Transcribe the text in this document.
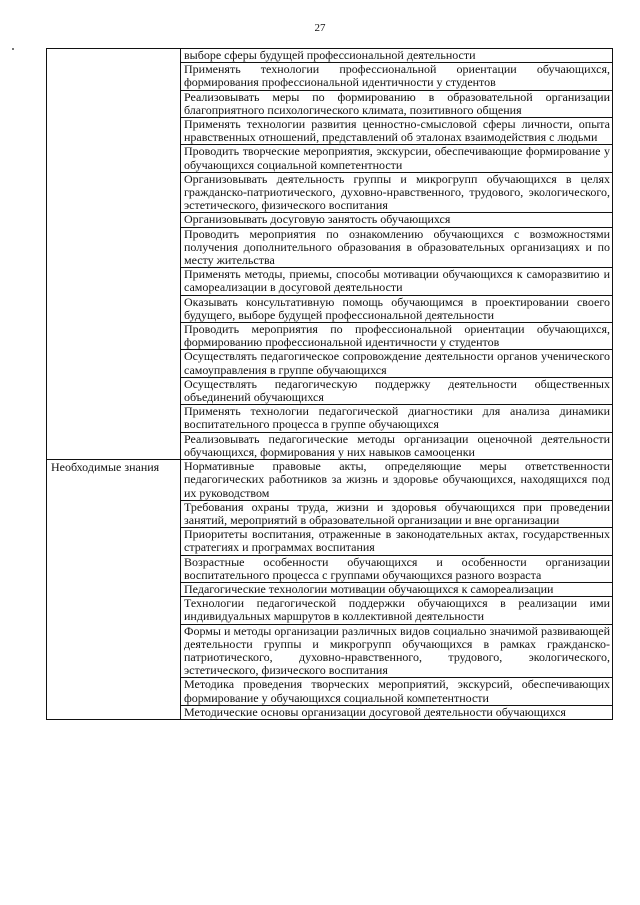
27
	выборе сферы будущей профессиональной деятельности
	Применять технологии профессиональной ориентации обучающихся, формирования профессиональной идентичности у студентов
	Реализовывать меры по формированию в образовательной организации благоприятного психологического климата, позитивного общения
	Применять технологии развития ценностно-смысловой сферы личности, опыта нравственных отношений, представлений об эталонах взаимодействия с людьми
	Проводить творческие мероприятия, экскурсии, обеспечивающие формирование у обучающихся социальной компетентности
	Организовывать деятельность группы и микрогрупп обучающихся в целях гражданско-патриотического, духовно-нравственного, трудового, экологического, эстетического, физического воспитания
	Организовывать досуговую занятость обучающихся
	Проводить мероприятия по ознакомлению обучающихся с возможностями получения дополнительного образования в образовательных организациях и по месту жительства
	Применять методы, приемы, способы мотивации обучающихся к саморазвитию и самореализации в досуговой деятельности
	Оказывать консультативную помощь обучающимся в проектировании своего будущего, выборе будущей профессиональной деятельности
	Проводить мероприятия по профессиональной ориентации обучающихся, формированию профессиональной идентичности у студентов
	Осуществлять педагогическое сопровождение деятельности органов ученического самоуправления в группе обучающихся
	Осуществлять педагогическую поддержку деятельности общественных объединений обучающихся
	Применять технологии педагогической диагностики для анализа динамики воспитательного процесса в группе обучающихся
	Реализовывать педагогические методы организации оценочной деятельности обучающихся, формирования у них навыков самооценки
Необходимые знания	Нормативные правовые акты, определяющие меры ответственности педагогических работников за жизнь и здоровье обучающихся, находящихся под их руководством
	Требования охраны труда, жизни и здоровья обучающихся при проведении занятий, мероприятий в образовательной организации и вне организации
	Приоритеты воспитания, отраженные в законодательных актах, государственных стратегиях и программах воспитания
	Возрастные особенности обучающихся и особенности организации воспитательного процесса с группами обучающихся разного возраста
	Педагогические технологии мотивации обучающихся к самореализации
	Технологии педагогической поддержки обучающихся в реализации ими индивидуальных маршрутов в коллективной деятельности
	Формы и методы организации различных видов социально значимой развивающей деятельности группы и микрогрупп обучающихся в рамках гражданско-патриотического, духовно-нравственного, трудового, экологического, эстетического, физического воспитания
	Методика проведения творческих мероприятий, экскурсий, обеспечивающих формирование у обучающихся социальной компетентности
	Методические основы организации досуговой деятельности обучающихся
